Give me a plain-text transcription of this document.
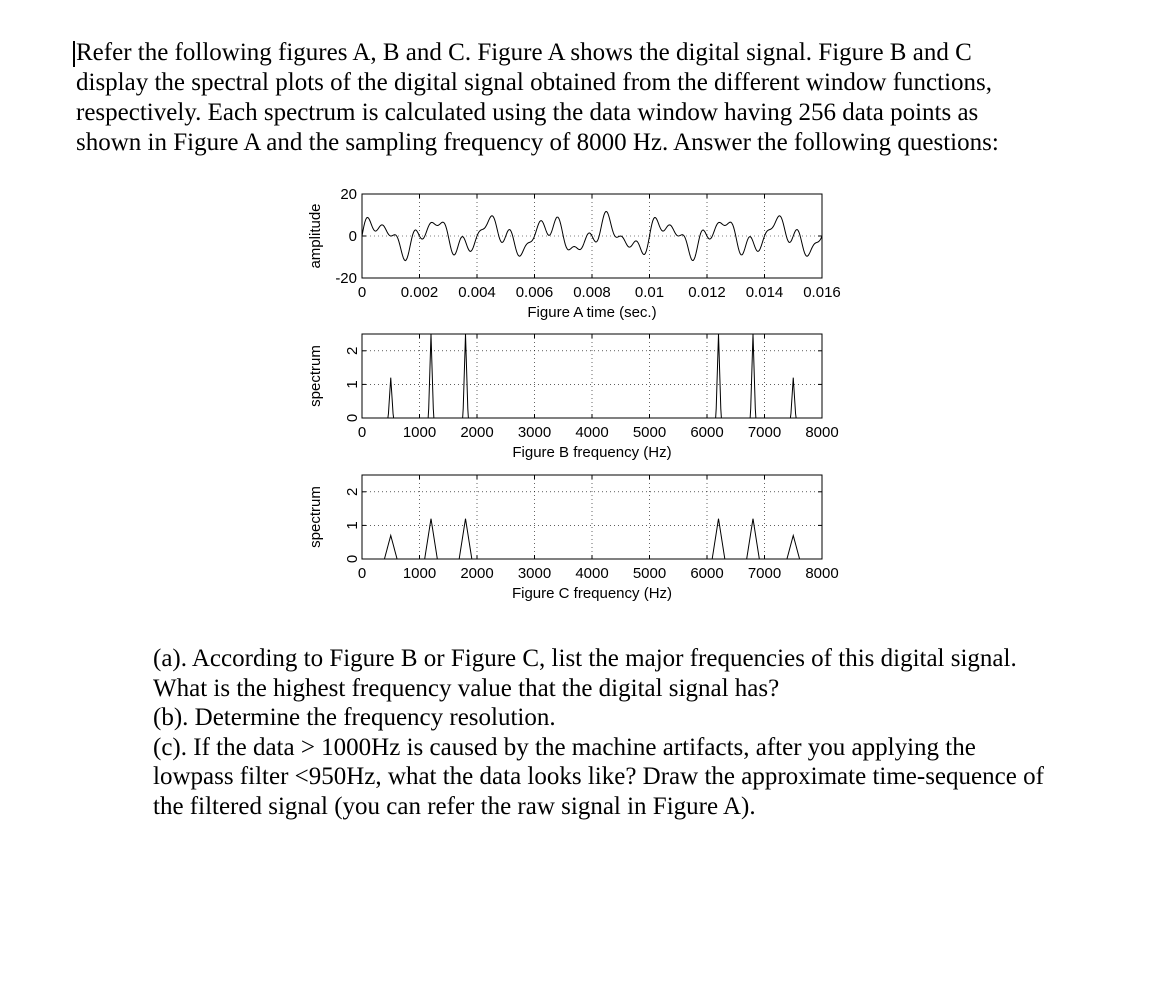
Refer the following figures A, B and C. Figure A shows the digital signal. Figure B and C
display the spectral plots of the digital signal obtained from the different window functions,
respectively. Each spectrum is calculated using the data window having 256 data points as
shown in Figure A and the sampling frequency of 8000 Hz. Answer the following questions:
0 0.002 0.004 0.006 0.008 0.01 0.012 0.014 0.016
20
0
-20
Figure A time (sec.)
amplitude
0 1000 2000 3000 4000 5000 6000 7000 8000
2
1
0
Figure B frequency (Hz)
spectrum
0 1000 2000 3000 4000 5000 6000 7000 8000
2
1
0
Figure C frequency (Hz)
spectrum
(a). According to Figure B or Figure C, list the major frequencies of this digital signal.
What is the highest frequency value that the digital signal has?
(b). Determine the frequency resolution.
(c). If the data > 1000Hz is caused by the machine artifacts, after you applying the
lowpass filter <950Hz, what the data looks like? Draw the approximate time-sequence of
the filtered signal (you can refer the raw signal in Figure A).
